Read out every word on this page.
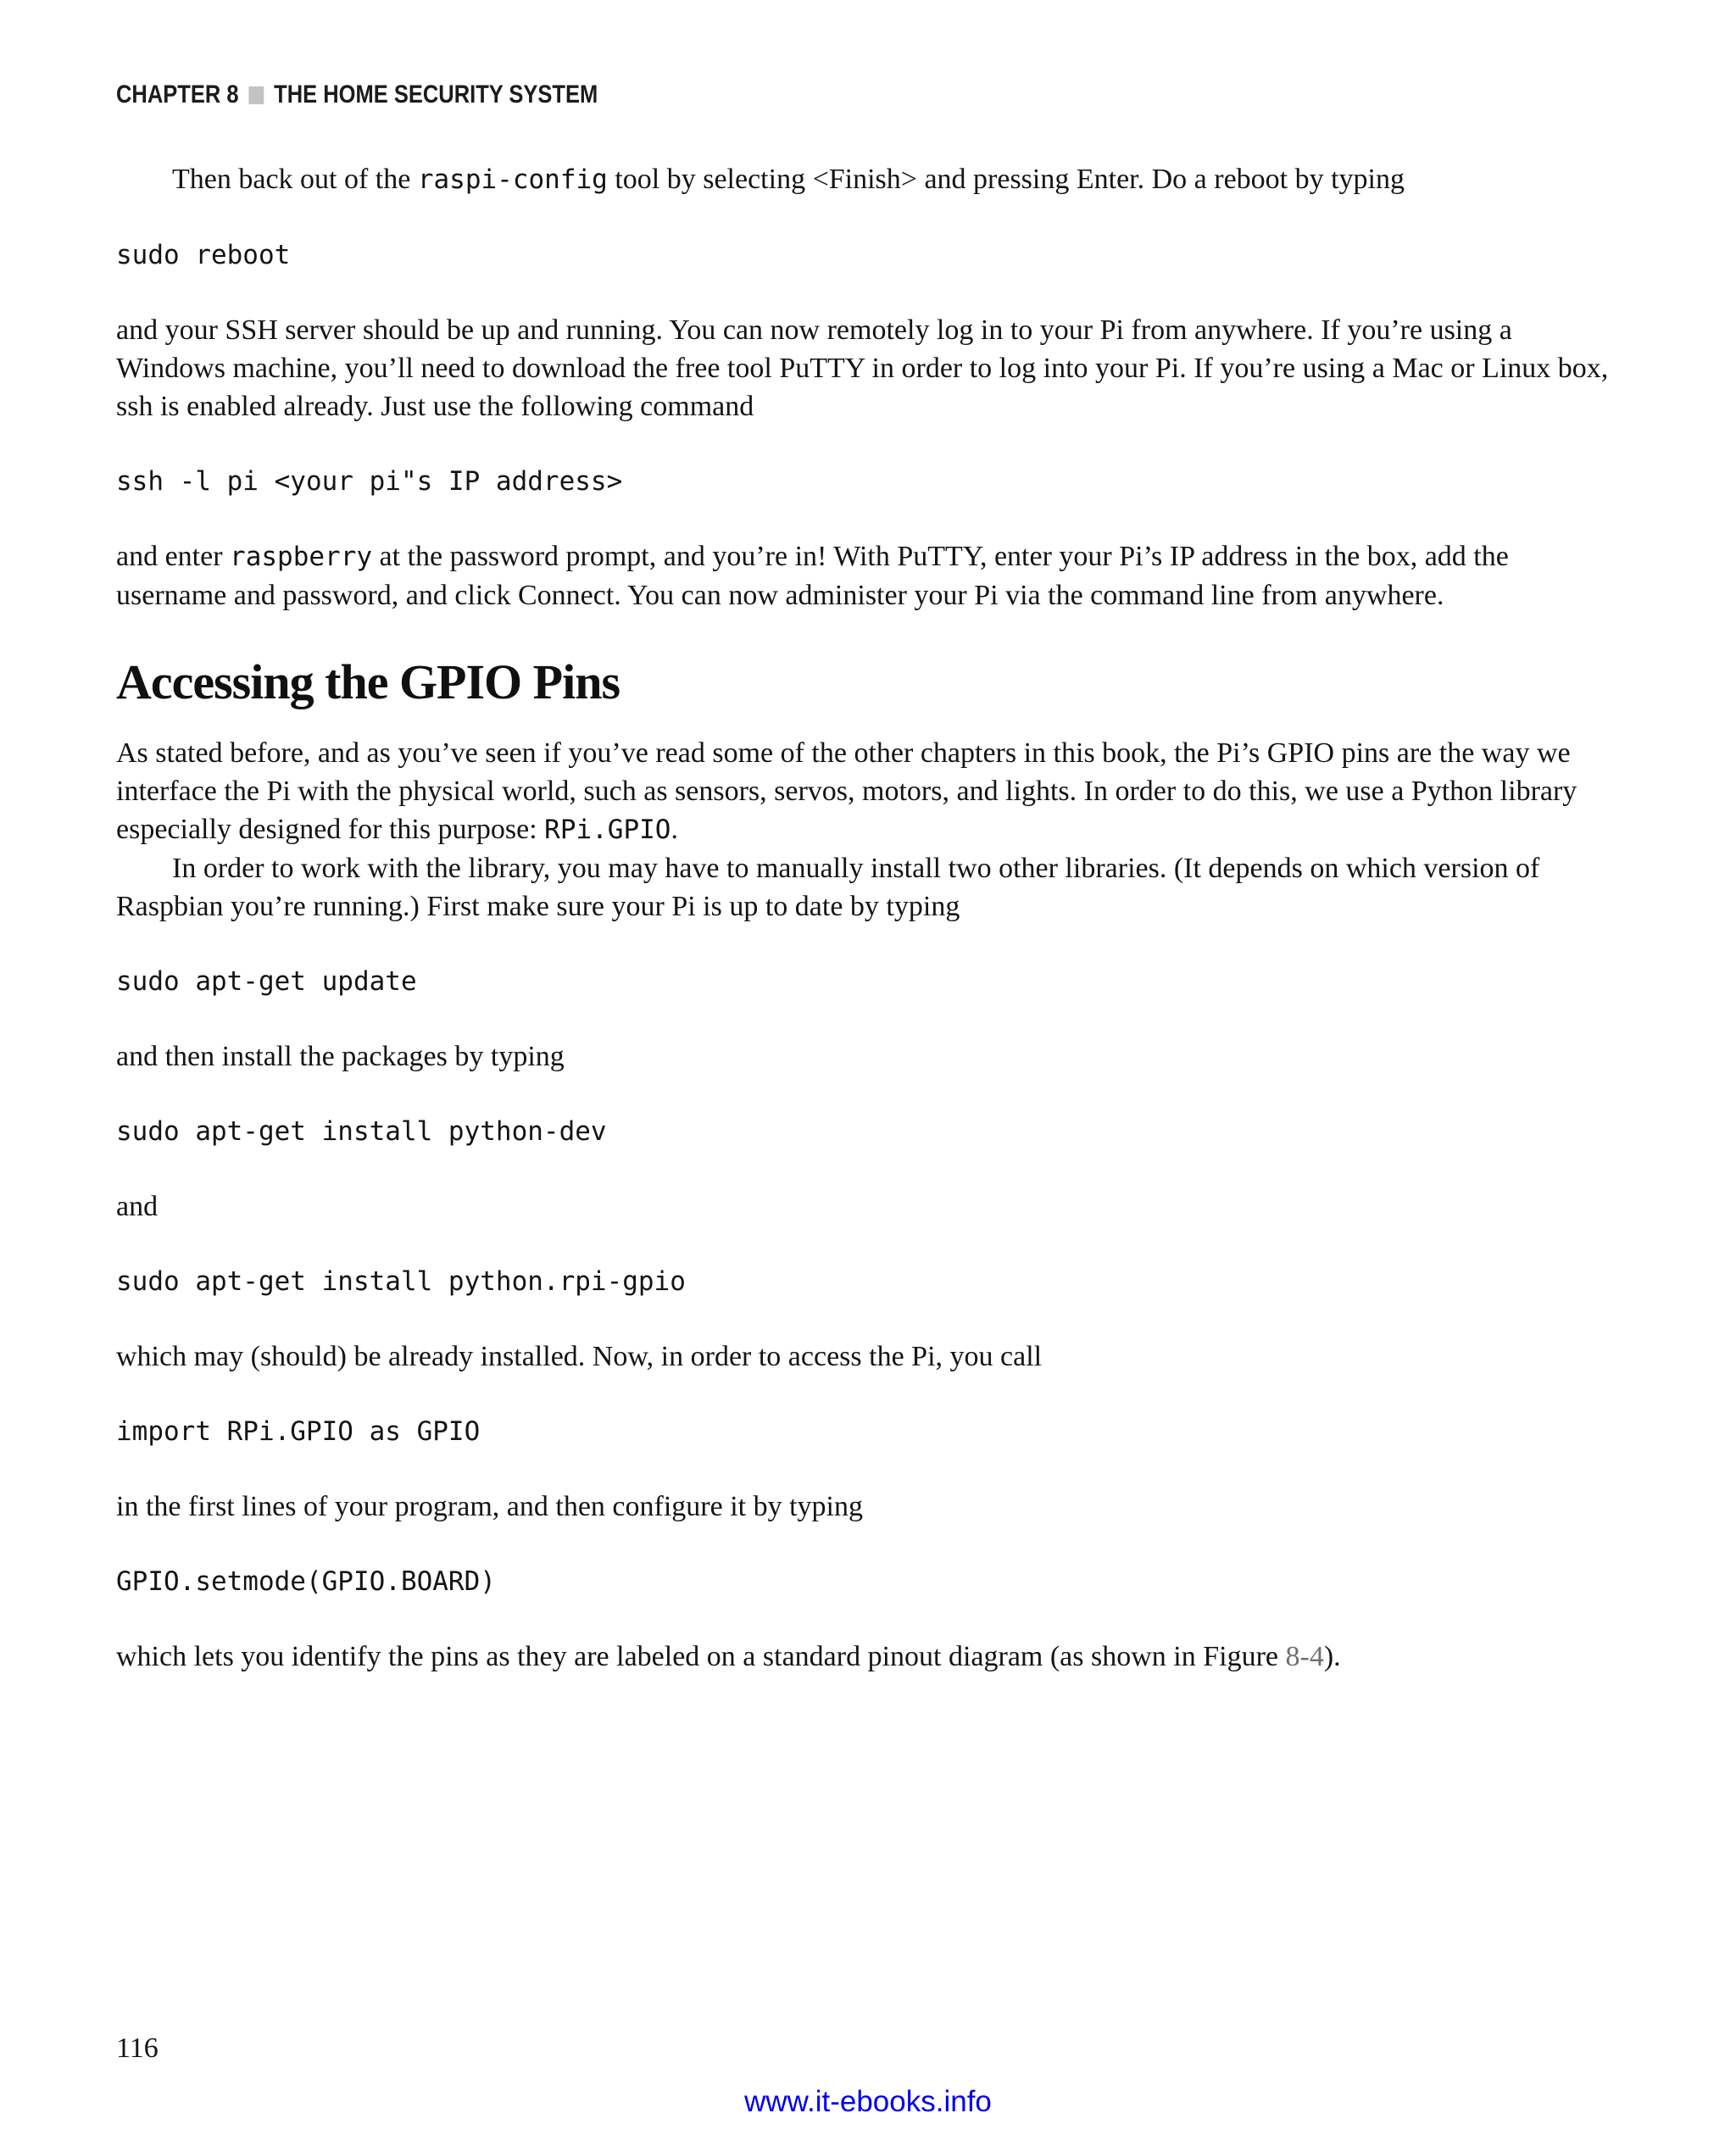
CHAPTER 8 THE HOME SECURITY SYSTEM

Then back out of the raspi-config tool by selecting <Finish> and pressing Enter. Do a reboot by typing

sudo reboot

and your SSH server should be up and running. You can now remotely log in to your Pi from anywhere. If you’re using a Windows machine, you’ll need to download the free tool PuTTY in order to log into your Pi. If you’re using a Mac or Linux box, ssh is enabled already. Just use the following command

ssh -l pi <your pi"s IP address>

and enter raspberry at the password prompt, and you’re in! With PuTTY, enter your Pi’s IP address in the box, add the username and password, and click Connect. You can now administer your Pi via the command line from anywhere.

Accessing the GPIO Pins

As stated before, and as you’ve seen if you’ve read some of the other chapters in this book, the Pi’s GPIO pins are the way we interface the Pi with the physical world, such as sensors, servos, motors, and lights. In order to do this, we use a Python library especially designed for this purpose: RPi.GPIO.

In order to work with the library, you may have to manually install two other libraries. (It depends on which version of Raspbian you’re running.) First make sure your Pi is up to date by typing

sudo apt-get update

and then install the packages by typing

sudo apt-get install python-dev

and

sudo apt-get install python.rpi-gpio

which may (should) be already installed. Now, in order to access the Pi, you call

import RPi.GPIO as GPIO

in the first lines of your program, and then configure it by typing

GPIO.setmode(GPIO.BOARD)

which lets you identify the pins as they are labeled on a standard pinout diagram (as shown in Figure 8-4).

116
www.it-ebooks.info
